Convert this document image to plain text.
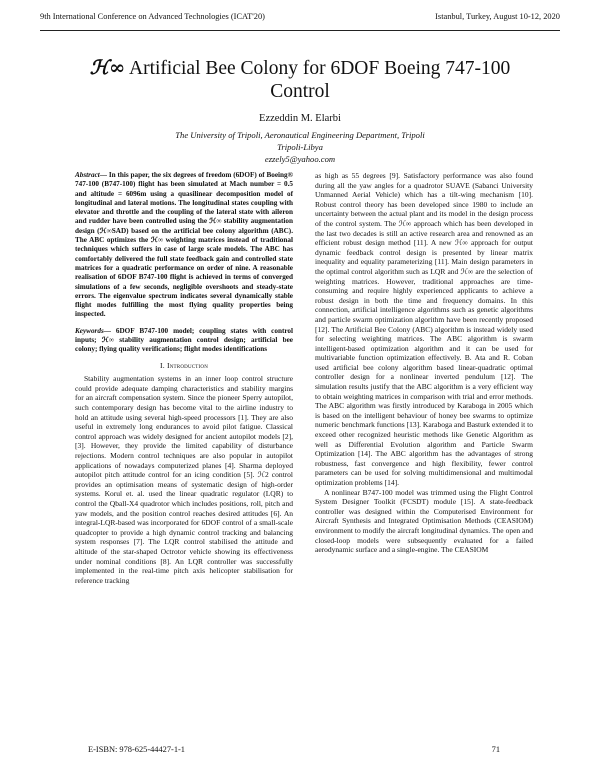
9th International Conference on Advanced Technologies (ICAT'20)	Istanbul, Turkey, August 10-12, 2020
ℋ∞ Artificial Bee Colony for 6DOF Boeing 747-100 Control
Ezzeddin M. Elarbi
The University of Tripoli, Aeronautical Engineering Department, Tripoli
Tripoli-Libya
ezzely5@yahoo.com

Abstract— In this paper, the six degrees of freedom (6DOF) of Boeing® 747-100 (B747-100) flight has been simulated at Mach number = 0.5 and altitude = 6096m using a quasilinear decomposition model of longitudinal and lateral motions. The longitudinal states coupling with elevator and throttle and the coupling of the lateral state with aileron and rudder have been controlled using the ℋ∞ stability augmentation design (ℋ∞SAD) based on the artificial bee colony algorithm (ABC). The ABC optimizes the ℋ∞ weighting matrices instead of traditional techniques which suffers in case of large scale models. The ABC has comfortably delivered the full state feedback gain and controlled state matrices for a quadratic performance on order of nine. A reasonable realisation of 6DOF B747-100 flight is achieved in terms of converged simulations of a few seconds, negligible overshoots and steady-state errors. The eigenvalue spectrum indicates several dynamically stable flight modes fulfilling the most flying quality properties being inspected.

Keywords— 6DOF B747-100 model; coupling states with control inputs; ℋ∞ stability augmentation control design; artificial bee colony; flying quality verifications; flight modes identifications

I. Introduction

Stability augmentation systems in an inner loop control structure could provide adequate damping characteristics and stability margins for an aircraft compensation system. Since the pioneer Sperry autopilot, such contemporary design has become vital to the airline industry to hold an attitude using several high-speed processors [1]. They are also useful in extremely long endurances to avoid pilot fatigue. Classical control approach was widely designed for ancient autopilot models [2], [3]. However, they provide the limited capability of disturbance rejections. Modern control techniques are also popular in autopilot applications of nowadays computerized planes [4]. Sharma deployed autopilot pitch attitude control for an icing condition [5]. ℋ2 control provides an optimisation means of systematic design of high-order systems. Korul et. al. used the linear quadratic regulator (LQR) to control the Qball-X4 quadrotor which includes positions, roll, pitch and yaw models, and the position control reaches desired attitudes [6]. An integral-LQR-based was incorporated for 6DOF control of a small-scale quadcopter to provide a high dynamic control tracking and balancing system responses [7]. The LQR control stabilised the attitude and altitude of the star-shaped Octrotor vehicle showing its effectiveness under nominal conditions [8]. An LQR controller was successfully implemented in the real-time pitch axis helicopter stabilisation for reference tracking

as high as 55 degrees [9]. Satisfactory performance was also found during all the yaw angles for a quadrotor SUAVE (Sabanci University Unmanned Aerial Vehicle) which has a tilt-wing mechanism [10]. Robust control theory has been developed since 1980 to include an uncertainty between the actual plant and its model in the design process of the control system. The ℋ∞ approach which has been developed in the last two decades is still an active research area and renowned as an efficient robust design method [11]. A new ℋ∞ approach for output dynamic feedback control design is presented by linear matrix inequality and equality parameterizing [11]. Main design parameters in the optimal control algorithm such as LQR and ℋ∞ are the selection of weighting matrices. However, traditional approaches are time-consuming and require highly experienced applicants to achieve a robust design in both the time and frequency domains. In this connection, artificial intelligence algorithms such as genetic algorithms and particle swarm optimization algorithm have been recently proposed [12]. The Artificial Bee Colony (ABC) algorithm is instead widely used for selecting weighting matrices. The ABC algorithm is swarm intelligent-based optimization algorithm and it can be used for multivariable function optimization effectively. B. Ata and R. Coban used artificial bee colony algorithm based linear-quadratic optimal controller design for a nonlinear inverted pendulum [12]. The simulation results justify that the ABC algorithm is a very efficient way to obtain weighting matrices in comparison with trial and error methods. The ABC algorithm was firstly introduced by Karaboga in 2005 which is based on the intelligent behaviour of honey bee swarms to optimize numeric benchmark functions [13]. Karaboga and Basturk extended it to exceed other recognized heuristic methods like Genetic Algorithm as well as Differential Evolution algorithm and Particle Swarm Optimization [14]. The ABC algorithm has the advantages of strong robustness, fast convergence and high flexibility, fewer control parameters can be used for solving multidimensional and multimodal optimization problems [14].

A nonlinear B747-100 model was trimmed using the Flight Control System Designer Toolkit (FCSDT) module [15]. A state-feedback controller was designed within the Computerised Environment for Aircraft Synthesis and Integrated Optimisation Methods (CEASIOM) environment to modify the aircraft longitudinal dynamics. The open and closed-loop models were subsequently evaluated for a failed aerodynamic surface and a single-engine. The CEASIOM

E-ISBN: 978-625-44427-1-1	71
